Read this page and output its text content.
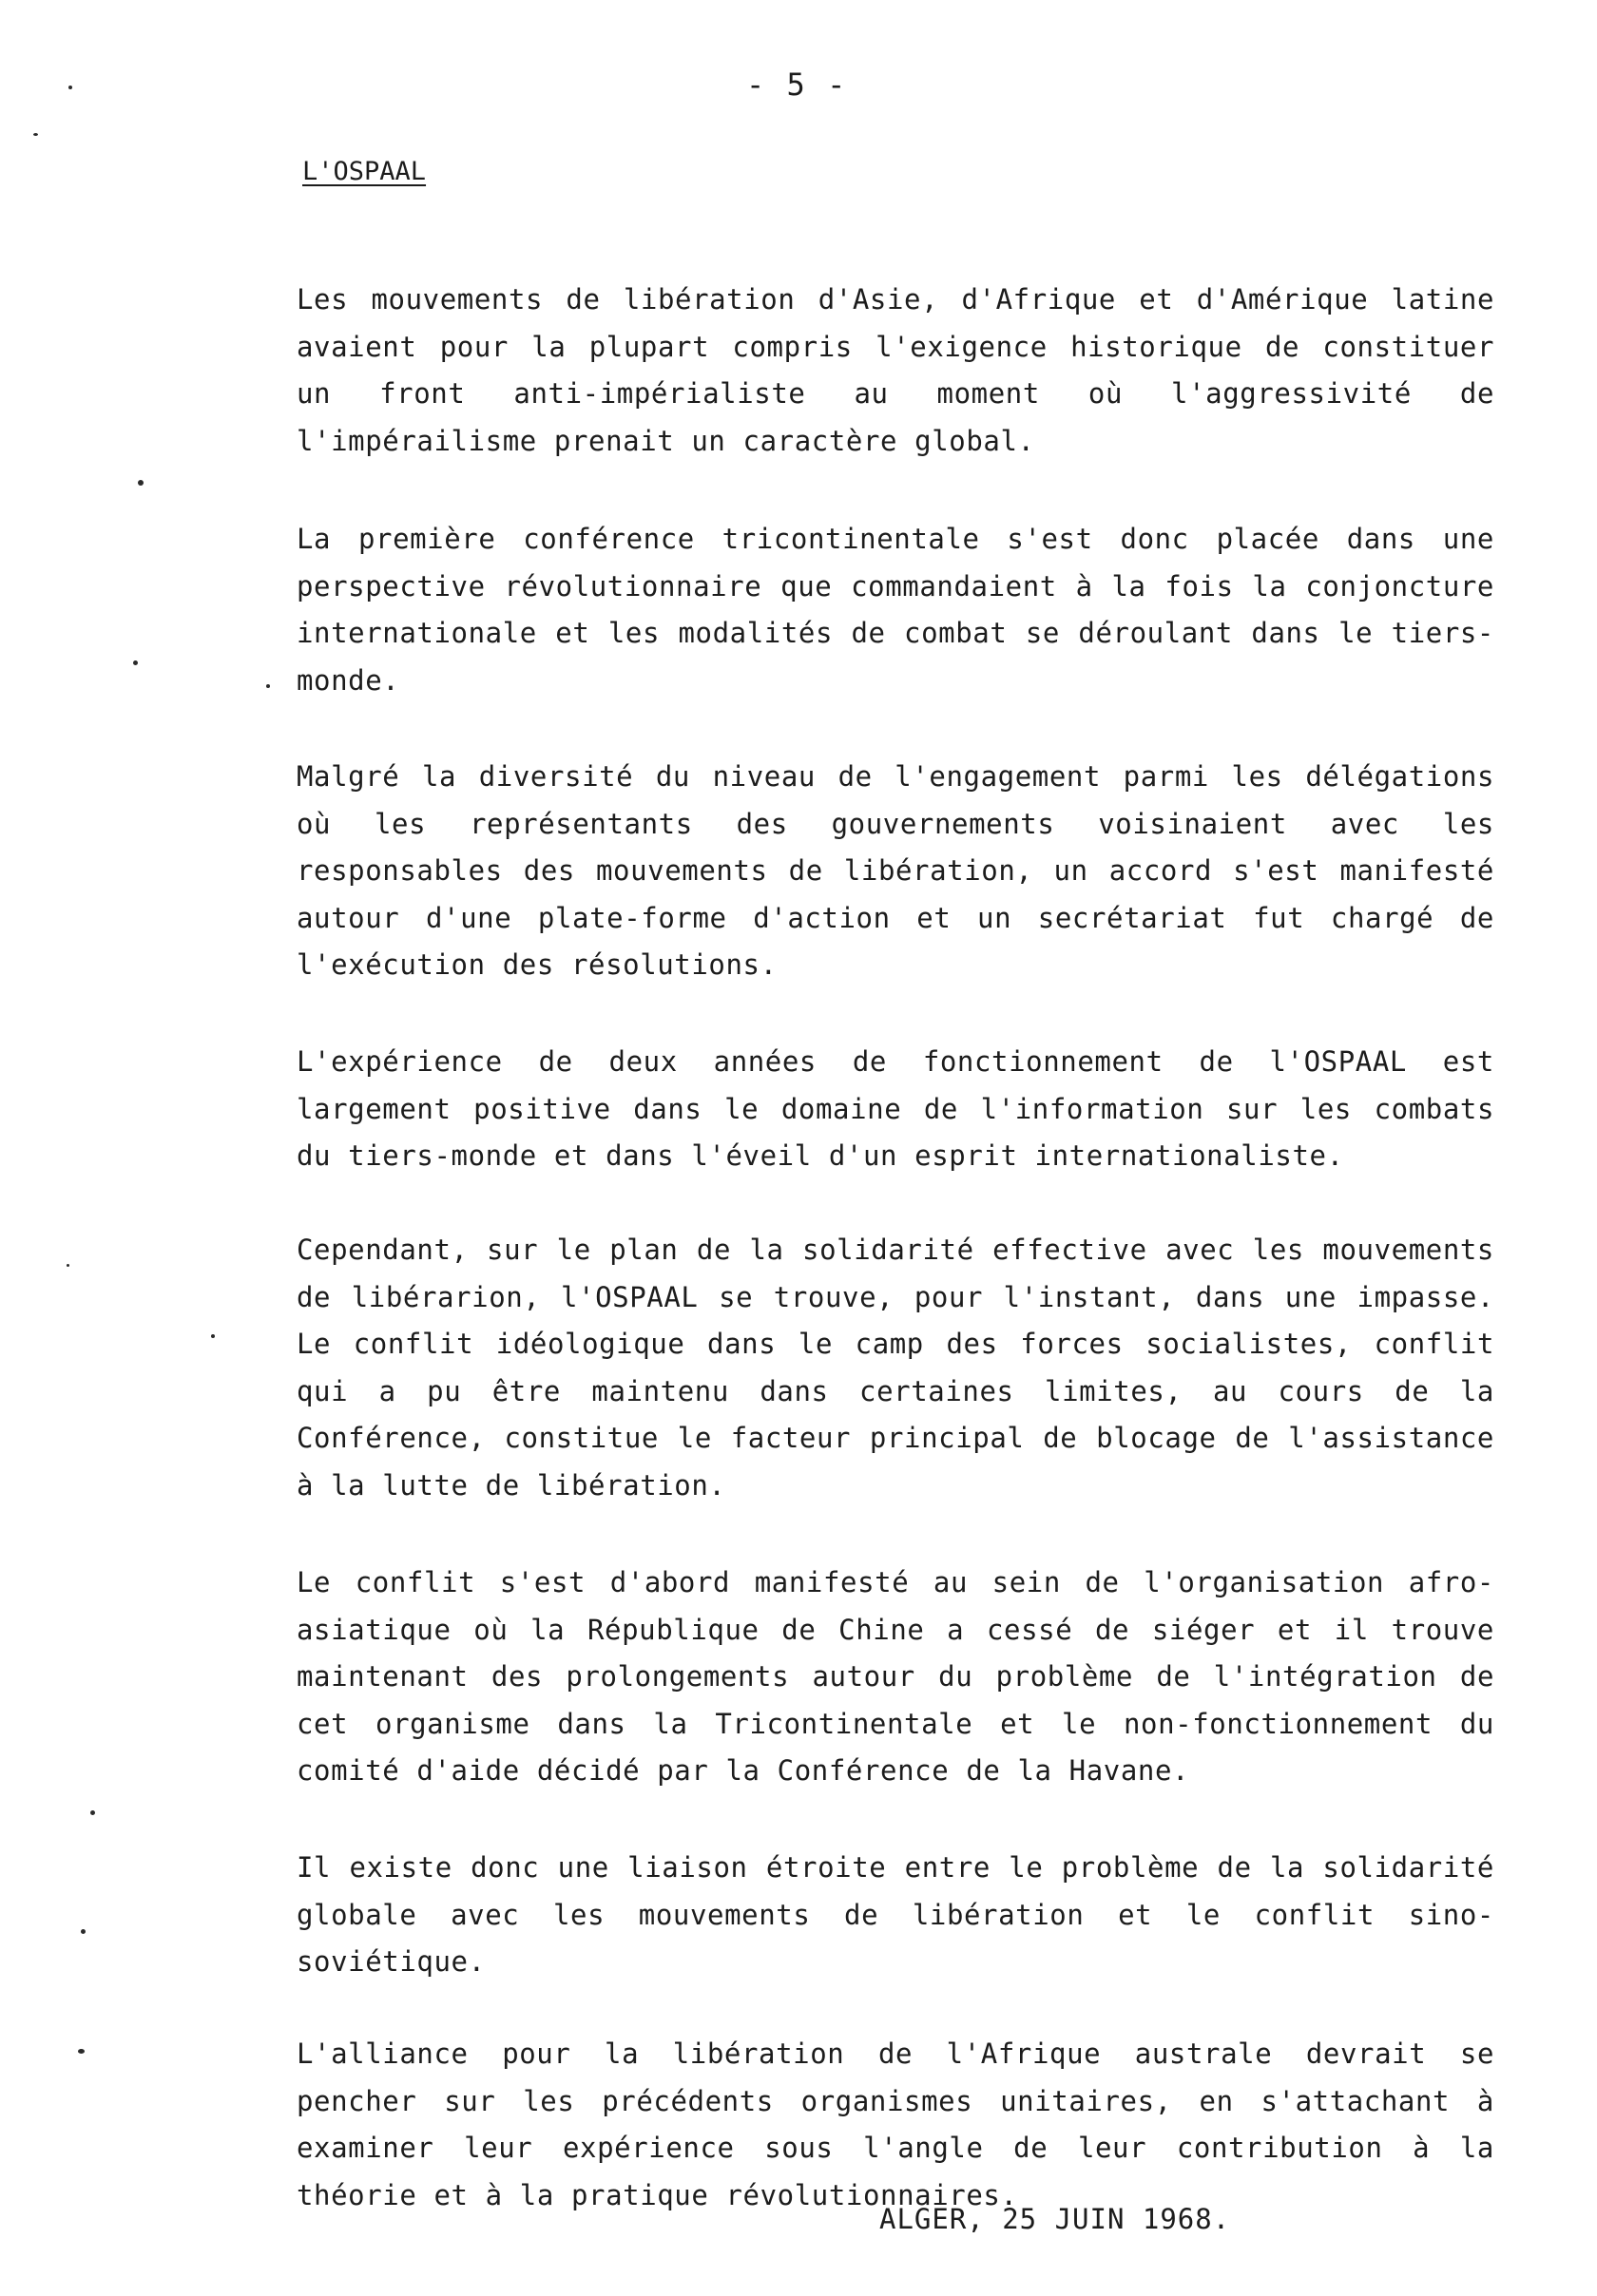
- 5 -
L'OSPAAL

Les mouvements de libération d'Asie, d'Afrique et d'Amérique latine avaient pour la plupart compris l'exigence historique de constituer un front anti-impérialiste au moment où l'aggressivité de l'impérailisme prenait un caractère global.

La première conférence tricontinentale s'est donc placée dans une perspective révolutionnaire que commandaient à la fois la conjoncture internationale et les modalités de combat se déroulant dans le tiers-monde.

Malgré la diversité du niveau de l'engagement parmi les délégations où les représentants des gouvernements voisinaient avec les responsables des mouvements de libération, un accord s'est manifesté autour d'une plate-forme d'action et un secrétariat fut chargé de l'exécution des résolutions.

L'expérience de deux années de fonctionnement de l'OSPAAL est largement positive dans le domaine de l'information sur les combats du tiers-monde et dans l'éveil d'un esprit internationaliste.

Cependant, sur le plan de la solidarité effective avec les mouvements de libérarion, l'OSPAAL se trouve, pour l'instant, dans une impasse. Le conflit idéologique dans le camp des forces socialistes, conflit qui a pu être maintenu dans certaines limites, au cours de la Conférence, constitue le facteur principal de blocage de l'assistance à la lutte de libération.

Le conflit s'est d'abord manifesté au sein de l'organisation afro-asiatique où la République de Chine a cessé de siéger et il trouve maintenant des prolongements autour du problème de l'intégration de cet organisme dans la Tricontinentale et le non-fonctionnement du comité d'aide décidé par la Conférence de la Havane.

Il existe donc une liaison étroite entre le problème de la solidarité globale avec les mouvements de libération et le conflit sino-soviétique.

L'alliance pour la libération de l'Afrique australe devrait se pencher sur les précédents organismes unitaires, en s'attachant à examiner leur expérience sous l'angle de leur contribution à la théorie et à la pratique révolutionnaires.

ALGER, 25 JUIN 1968.
